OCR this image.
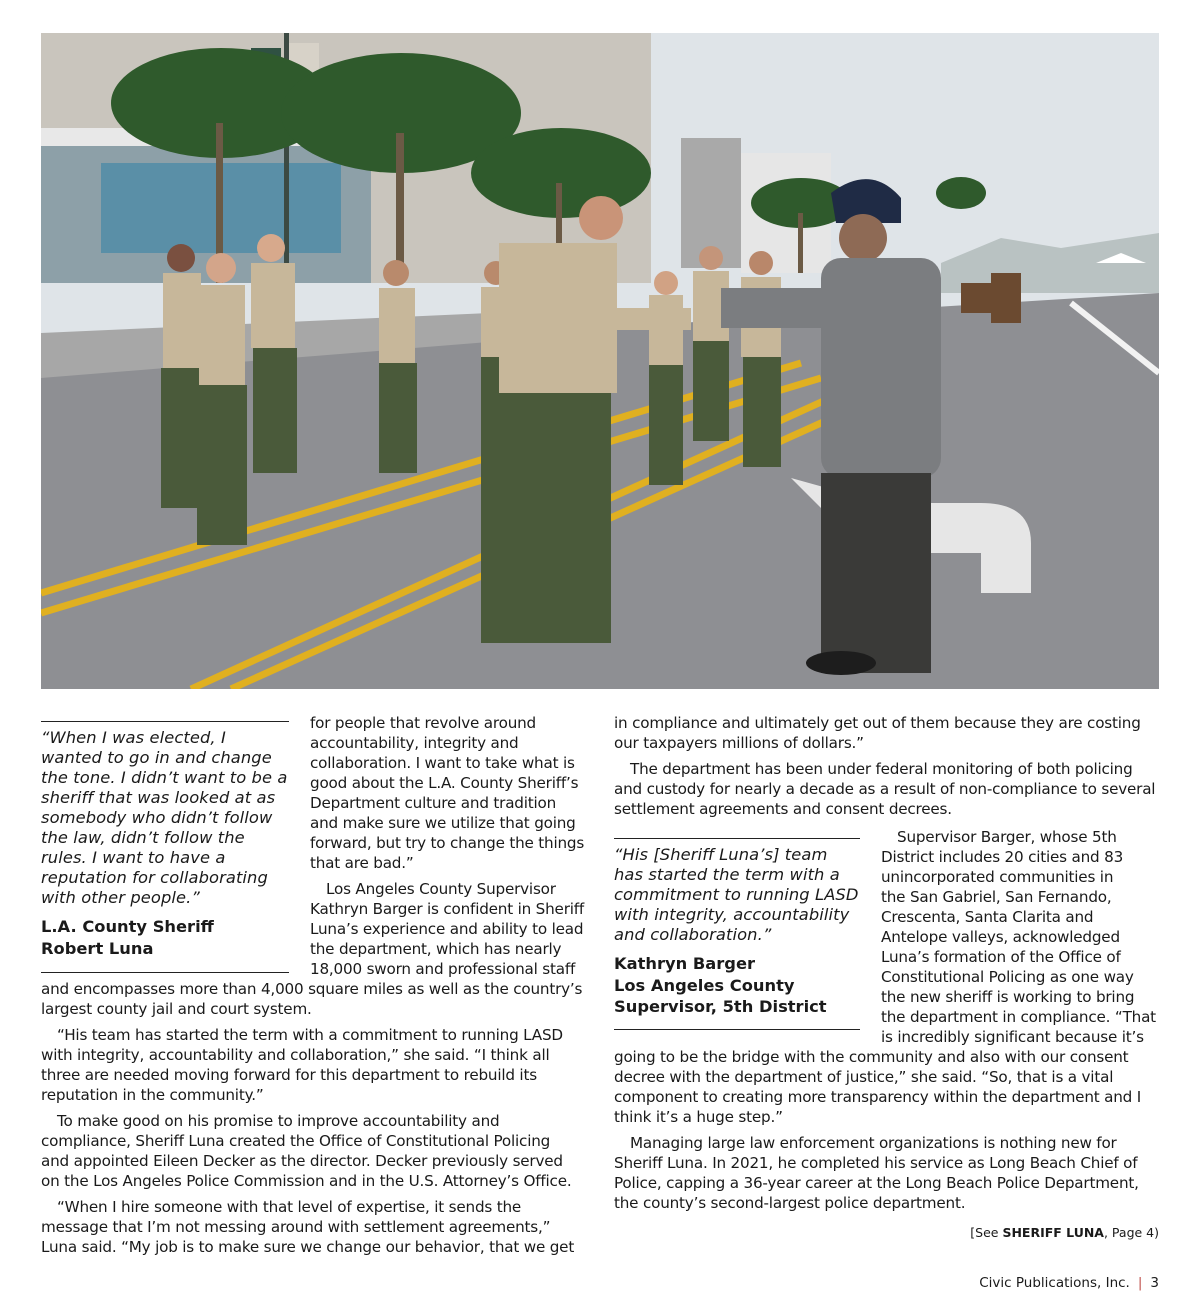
“When I was elected, I wanted to go in and change the tone. I didn’t want to be a sheriff that was looked at as somebody who didn’t follow the law, didn’t follow the rules. I want to have a reputation for collaborating with other people.”

L.A. County Sheriff
Robert Luna

for people that revolve around

accountability, integrity and

collaboration. I want to take what is

good about the L.A. County Sheriff’s

Department culture and tradition

and make sure we utilize that going

forward, but try to change the things

that are bad.”

Los Angeles County Supervisor

Kathryn Barger is confident in Sheriff

Luna’s experience and ability to lead

the department, which has nearly

18,000 sworn and professional staff

and encompasses more than 4,000 square miles as well as the country’s

largest county jail and court system.

“His team has started the term with a commitment to running LASD

with integrity, accountability and collaboration,” she said. “I think all

three are needed moving forward for this department to rebuild its

reputation in the community.”

To make good on his promise to improve accountability and

compliance, Sheriff Luna created the Office of Constitutional Policing

and appointed Eileen Decker as the director. Decker previously served

on the Los Angeles Police Commission and in the U.S. Attorney’s Office.

“When I hire someone with that level of expertise, it sends the

message that I’m not messing around with settlement agreements,”

Luna said. “My job is to make sure we change our behavior, that we get

in compliance and ultimately get out of them because they are costing

our taxpayers millions of dollars.”

The department has been under federal monitoring of both policing

and custody for nearly a decade as a result of non-compliance to several

settlement agreements and consent decrees.

“His [Sheriff Luna’s] team has started the term with a commitment to running LASD with integrity, accountability and collaboration.”

Kathryn Barger
Los Angeles County
Supervisor, 5th District

Supervisor Barger, whose 5th

District includes 20 cities and 83

unincorporated communities in

the San Gabriel, San Fernando,

Crescenta, Santa Clarita and

Antelope valleys, acknowledged

Luna’s formation of the Office of

Constitutional Policing as one way

the new sheriff is working to bring

the department in compliance. “That

is incredibly significant because it’s

going to be the bridge with the community and also with our consent

decree with the department of justice,” she said. “So, that is a vital

component to creating more transparency within the department and I

think it’s a huge step.”

Managing large law enforcement organizations is nothing new for

Sheriff Luna. In 2021, he completed his service as Long Beach Chief of

Police, capping a 36-year career at the Long Beach Police Department,

the county’s second-largest police department.

[See SHERIFF LUNA, Page 4)
Civic Publications, Inc. | 3
